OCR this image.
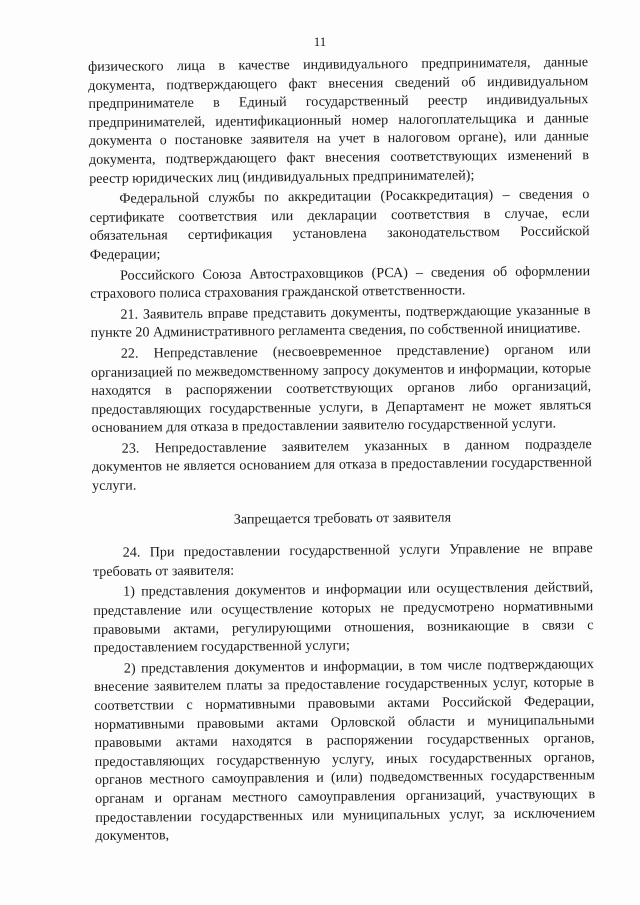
11

физического лица в качестве индивидуального предпринимателя, данные документа, подтверждающего факт внесения сведений об индивидуальном предпринимателе в Единый государственный реестр индивидуальных предпринимателей, идентификационный номер налогоплательщика и данные документа о постановке заявителя на учет в налоговом органе), или данные документа, подтверждающего факт внесения соответствующих изменений в реестр юридических лиц (индивидуальных предпринимателей);

Федеральной службы по аккредитации (Росаккредитация) – сведения о сертификате соответствия или декларации соответствия в случае, если обязательная сертификация установлена законодательством Российской Федерации;

Российского Союза Автостраховщиков (РСА) – сведения об оформлении страхового полиса страхования гражданской ответственности.

21. Заявитель вправе представить документы, подтверждающие указанные в пункте 20 Административного регламента сведения, по собственной инициативе.

22. Непредставление (несвоевременное представление) органом или организацией по межведомственному запросу документов и информации, которые находятся в распоряжении соответствующих органов либо организаций, предоставляющих государственные услуги, в Департамент не может являться основанием для отказа в предоставлении заявителю государственной услуги.

23. Непредоставление заявителем указанных в данном подразделе документов не является основанием для отказа в предоставлении государственной услуги.

Запрещается требовать от заявителя

24. При предоставлении государственной услуги Управление не вправе требовать от заявителя:

1) представления документов и информации или осуществления действий, представление или осуществление которых не предусмотрено нормативными правовыми актами, регулирующими отношения, возникающие в связи с предоставлением государственной услуги;

2) представления документов и информации, в том числе подтверждающих внесение заявителем платы за предоставление государственных услуг, которые в соответствии с нормативными правовыми актами Российской Федерации, нормативными правовыми актами Орловской области и муниципальными правовыми актами находятся в распоряжении государственных органов, предоставляющих государственную услугу, иных государственных органов, органов местного самоуправления и (или) подведомственных государственным органам и органам местного самоуправления организаций, участвующих в предоставлении государственных или муниципальных услуг, за исключением документов,
